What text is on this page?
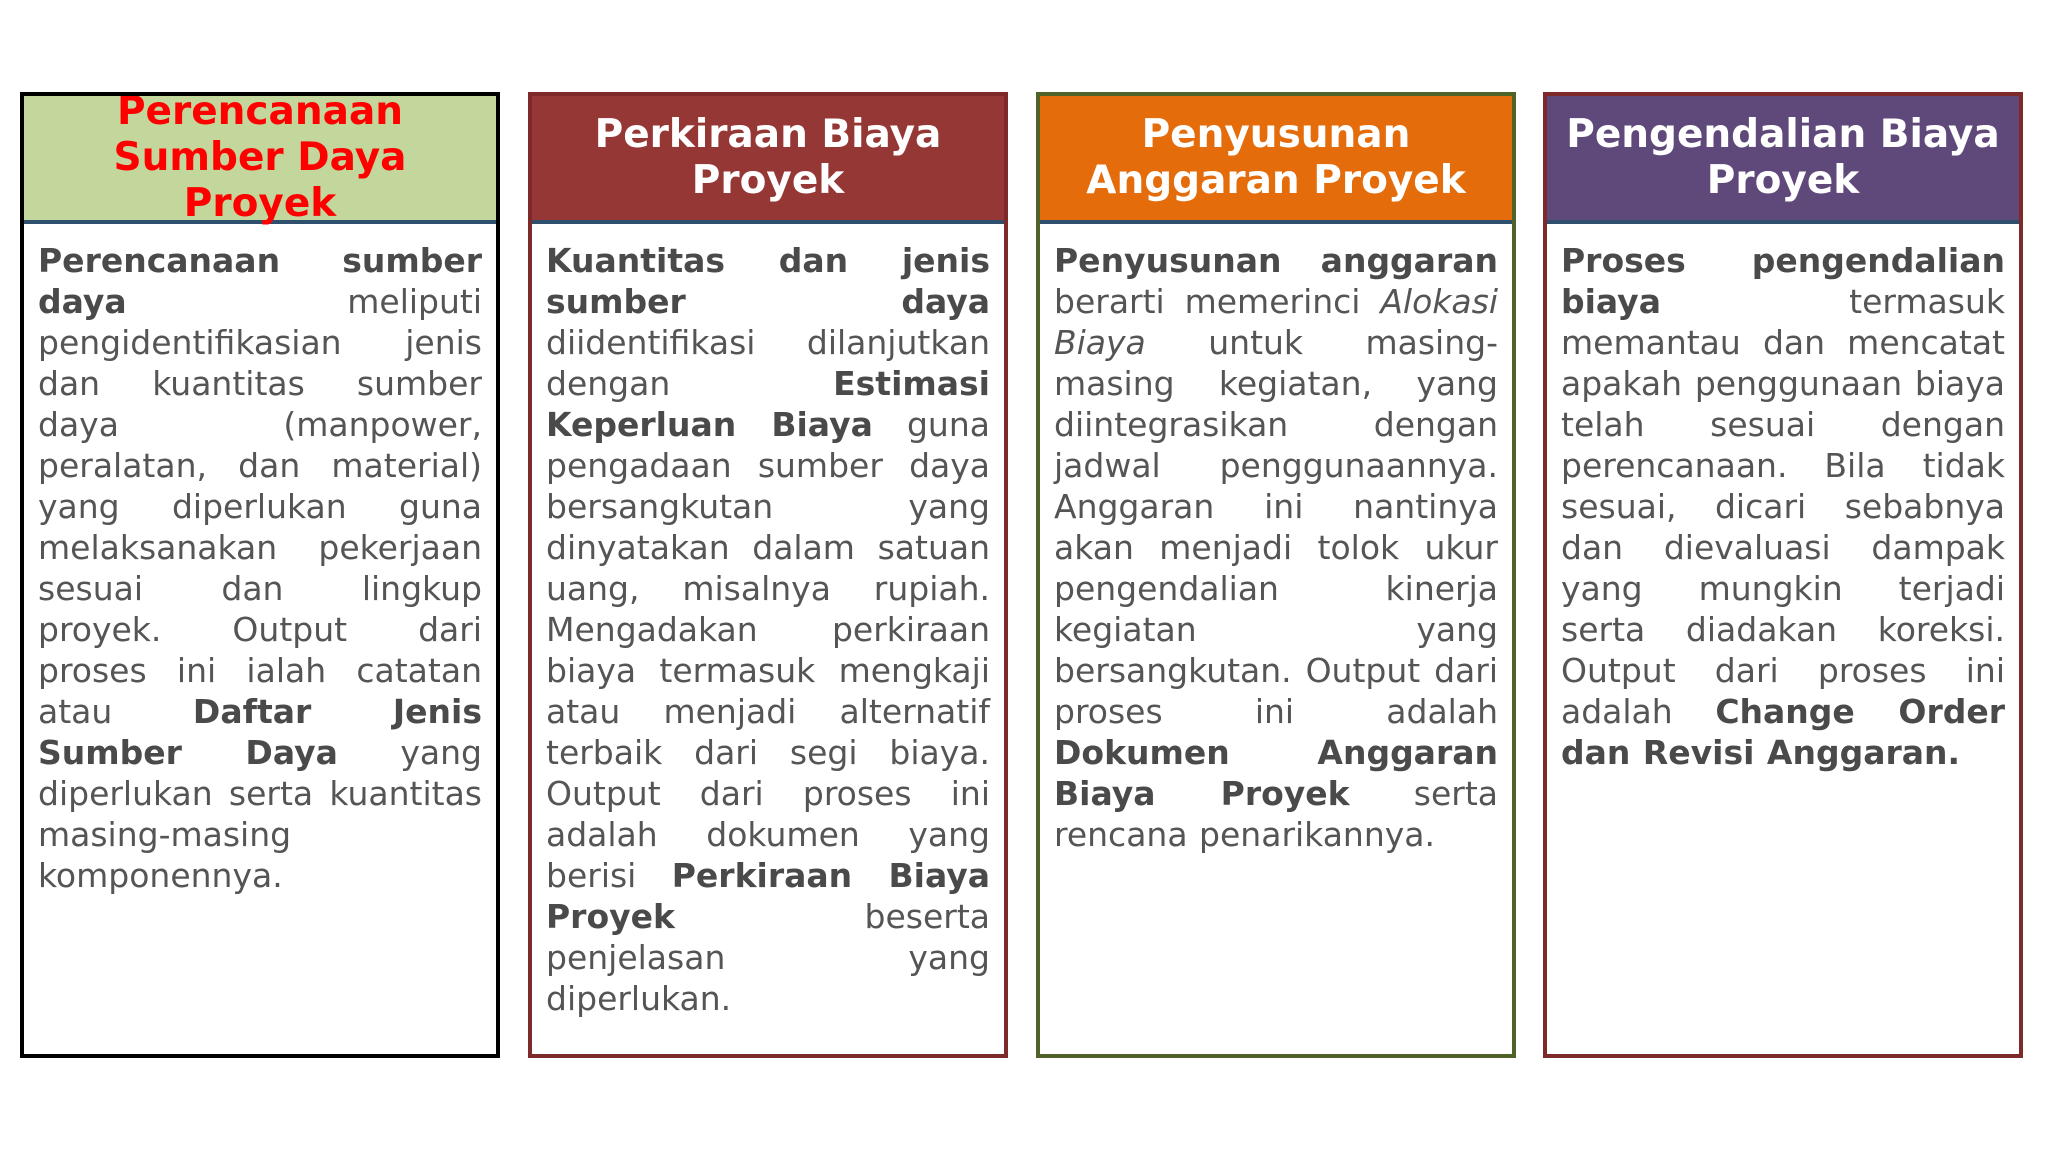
Perencanaan
Sumber Daya Proyek
Perencanaan sumber daya meliputi pengidentifikasian jenis dan kuantitas sumber daya (manpower, peralatan, dan material) yang diperlukan guna melaksanakan pekerjaan sesuai dan lingkup proyek. Output dari proses ini ialah catatan atau Daftar Jenis Sumber Daya yang diperlukan serta kuantitas masing-masing komponennya.
Perkiraan Biaya
Proyek
Kuantitas dan jenis sumber daya diidentifikasi dilanjutkan dengan Estimasi Keperluan Biaya guna pengadaan sumber daya bersangkutan yang dinyatakan dalam satuan uang, misalnya rupiah. Mengadakan perkiraan biaya termasuk mengkaji atau menjadi alternatif terbaik dari segi biaya. Output dari proses ini adalah dokumen yang berisi Perkiraan Biaya Proyek beserta penjelasan yang diperlukan.
Penyusunan
Anggaran Proyek
Penyusunan anggaran berarti memerinci Alokasi Biaya untuk masing-masing kegiatan, yang diintegrasikan dengan jadwal penggunaannya. Anggaran ini nantinya akan menjadi tolok ukur pengendalian kinerja kegiatan yang bersangkutan. Output dari proses ini adalah Dokumen Anggaran Biaya Proyek serta rencana penarikannya.
Pengendalian Biaya
Proyek
Proses pengendalian biaya termasuk memantau dan mencatat apakah penggunaan biaya telah sesuai dengan perencanaan. Bila tidak sesuai, dicari sebabnya dan dievaluasi dampak yang mungkin terjadi serta diadakan koreksi. Output dari proses ini adalah Change Order dan Revisi Anggaran.
